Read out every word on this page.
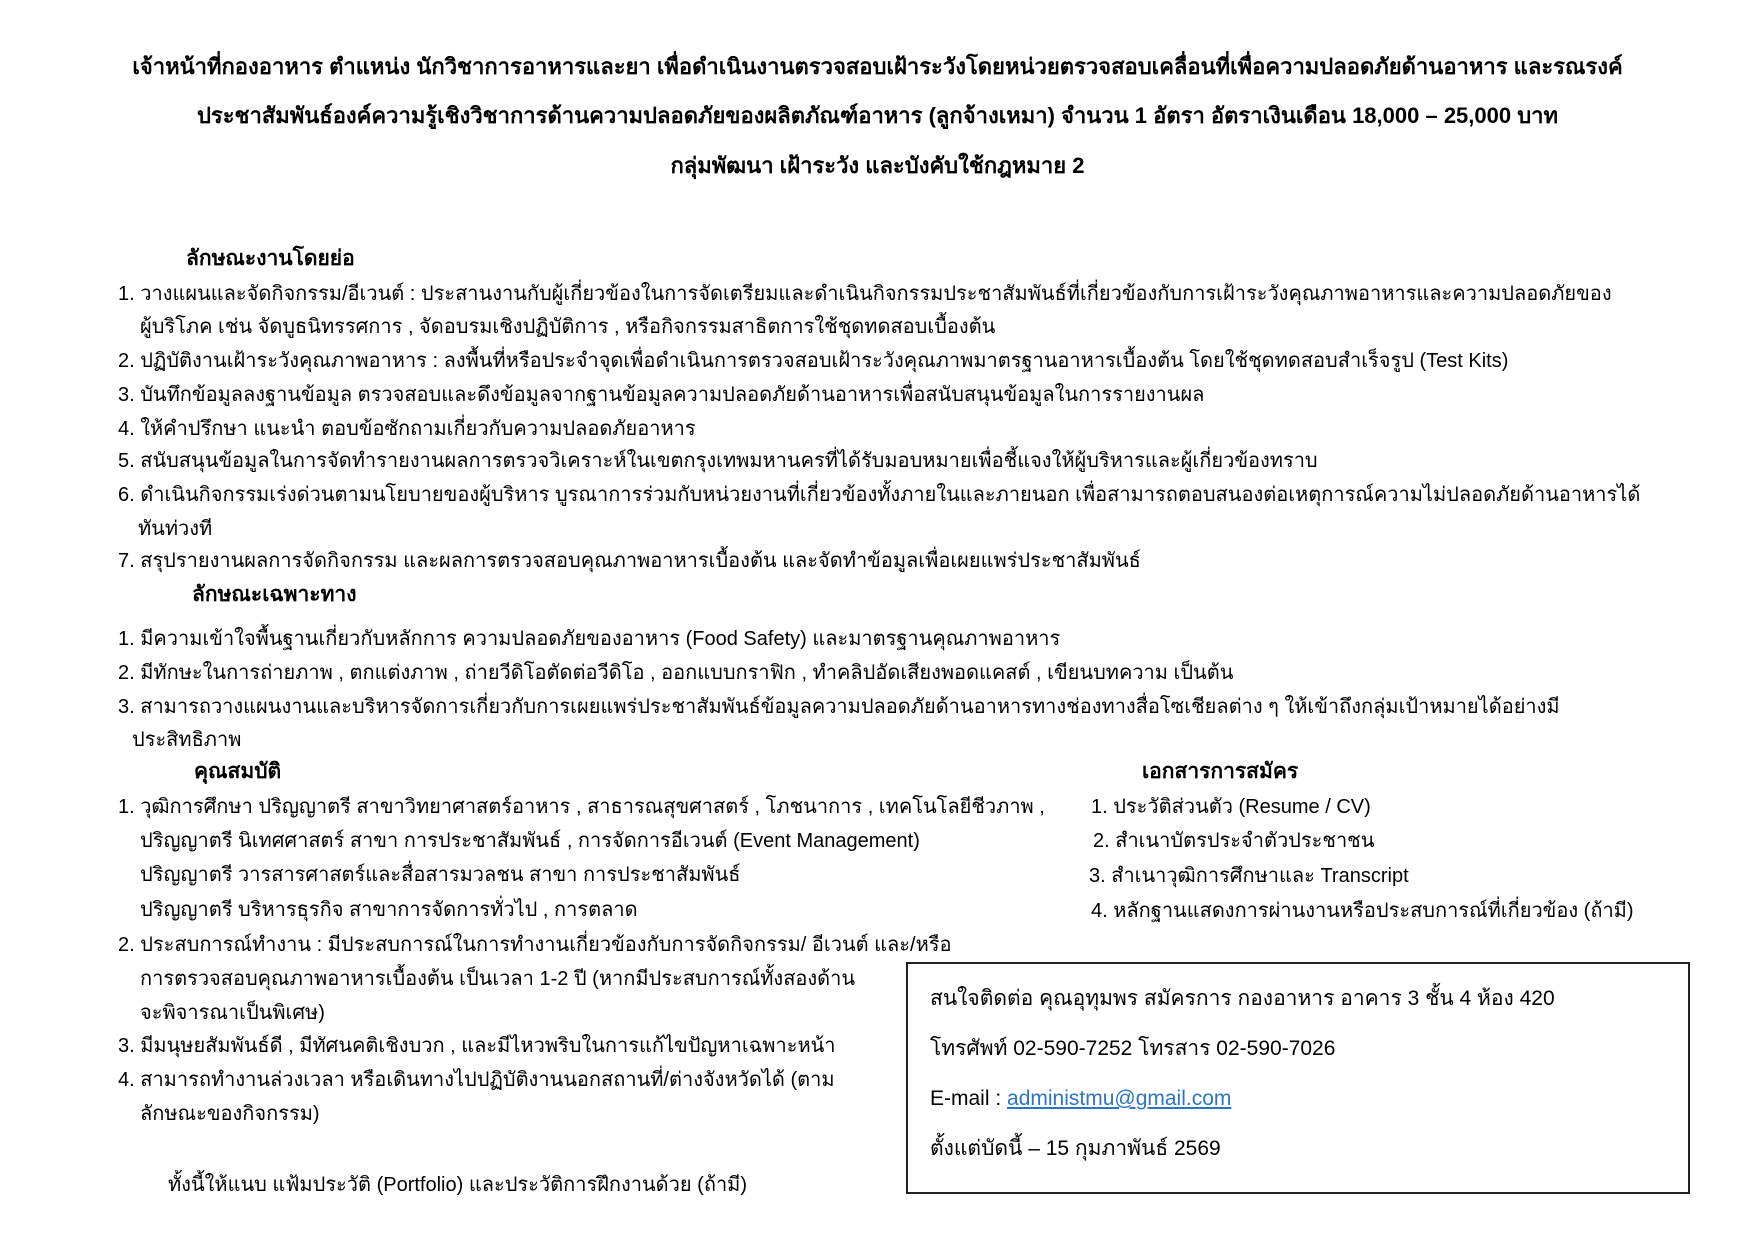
เจ้าหน้าที่กองอาหาร ตำแหน่ง นักวิชาการอาหารและยา เพื่อดำเนินงานตรวจสอบเฝ้าระวังโดยหน่วยตรวจสอบเคลื่อนที่เพื่อความปลอดภัยด้านอาหาร และรณรงค์
ประชาสัมพันธ์องค์ความรู้เชิงวิชาการด้านความปลอดภัยของผลิตภัณฑ์อาหาร (ลูกจ้างเหมา) จำนวน 1 อัตรา อัตราเงินเดือน 18,000 – 25,000 บาท
กลุ่มพัฒนา เฝ้าระวัง และบังคับใช้กฎหมาย 2
ลักษณะงานโดยย่อ
1. วางแผนและจัดกิจกรรม/อีเวนต์ : ประสานงานกับผู้เกี่ยวข้องในการจัดเตรียมและดำเนินกิจกรรมประชาสัมพันธ์ที่เกี่ยวข้องกับการเฝ้าระวังคุณภาพอาหารและความปลอดภัยของ
ผู้บริโภค เช่น จัดบูธนิทรรศการ , จัดอบรมเชิงปฏิบัติการ , หรือกิจกรรมสาธิตการใช้ชุดทดสอบเบื้องต้น
2. ปฏิบัติงานเฝ้าระวังคุณภาพอาหาร : ลงพื้นที่หรือประจำจุดเพื่อดำเนินการตรวจสอบเฝ้าระวังคุณภาพมาตรฐานอาหารเบื้องต้น โดยใช้ชุดทดสอบสำเร็จรูป (Test Kits)
3. บันทึกข้อมูลลงฐานข้อมูล ตรวจสอบและดึงข้อมูลจากฐานข้อมูลความปลอดภัยด้านอาหารเพื่อสนับสนุนข้อมูลในการรายงานผล
4. ให้คำปรึกษา แนะนำ ตอบข้อซักถามเกี่ยวกับความปลอดภัยอาหาร
5. สนับสนุนข้อมูลในการจัดทำรายงานผลการตรวจวิเคราะห์ในเขตกรุงเทพมหานครที่ได้รับมอบหมายเพื่อชี้แจงให้ผู้บริหารและผู้เกี่ยวข้องทราบ
6. ดำเนินกิจกรรมเร่งด่วนตามนโยบายของผู้บริหาร บูรณาการร่วมกับหน่วยงานที่เกี่ยวข้องทั้งภายในและภายนอก เพื่อสามารถตอบสนองต่อเหตุการณ์ความไม่ปลอดภัยด้านอาหารได้
ทันท่วงที
7. สรุปรายงานผลการจัดกิจกรรม และผลการตรวจสอบคุณภาพอาหารเบื้องต้น และจัดทำข้อมูลเพื่อเผยแพร่ประชาสัมพันธ์
ลักษณะเฉพาะทาง
1. มีความเข้าใจพื้นฐานเกี่ยวกับหลักการ ความปลอดภัยของอาหาร (Food Safety) และมาตรฐานคุณภาพอาหาร
2. มีทักษะในการถ่ายภาพ , ตกแต่งภาพ , ถ่ายวีดิโอตัดต่อวีดิโอ , ออกแบบกราฟิก , ทำคลิปอัดเสียงพอดแคสต์ , เขียนบทความ เป็นต้น
3. สามารถวางแผนงานและบริหารจัดการเกี่ยวกับการเผยแพร่ประชาสัมพันธ์ข้อมูลความปลอดภัยด้านอาหารทางช่องทางสื่อโซเชียลต่าง ๆ ให้เข้าถึงกลุ่มเป้าหมายได้อย่างมี
ประสิทธิภาพ
คุณสมบัติ
1. วุฒิการศึกษา ปริญญาตรี สาขาวิทยาศาสตร์อาหาร , สาธารณสุขศาสตร์ , โภชนาการ , เทคโนโลยีชีวภาพ ,
ปริญญาตรี นิเทศศาสตร์ สาขา การประชาสัมพันธ์ , การจัดการอีเวนต์ (Event Management)
ปริญญาตรี วารสารศาสตร์และสื่อสารมวลชน สาขา การประชาสัมพันธ์
ปริญญาตรี บริหารธุรกิจ สาขาการจัดการทั่วไป , การตลาด
2. ประสบการณ์ทำงาน : มีประสบการณ์ในการทำงานเกี่ยวข้องกับการจัดกิจกรรม/ อีเวนต์ และ/หรือ
การตรวจสอบคุณภาพอาหารเบื้องต้น เป็นเวลา 1-2 ปี (หากมีประสบการณ์ทั้งสองด้าน
จะพิจารณาเป็นพิเศษ)
3. มีมนุษยสัมพันธ์ดี , มีทัศนคติเชิงบวก , และมีไหวพริบในการแก้ไขปัญหาเฉพาะหน้า
4. สามารถทำงานล่วงเวลา หรือเดินทางไปปฏิบัติงานนอกสถานที่/ต่างจังหวัดได้ (ตาม
ลักษณะของกิจกรรม)
ทั้งนี้ให้แนบ แฟ้มประวัติ (Portfolio) และประวัติการฝึกงานด้วย (ถ้ามี)
เอกสารการสมัคร
1. ประวัติส่วนตัว (Resume / CV)
2. สำเนาบัตรประจำตัวประชาชน
3. สำเนาวุฒิการศึกษาและ Transcript
4. หลักฐานแสดงการผ่านงานหรือประสบการณ์ที่เกี่ยวข้อง (ถ้ามี)
สนใจติดต่อ คุณอุทุมพร สมัครการ กองอาหาร อาคาร 3 ชั้น 4 ห้อง 420
โทรศัพท์ 02-590-7252 โทรสาร 02-590-7026
E-mail : administmu@gmail.com
ตั้งแต่บัดนี้ – 15 กุมภาพันธ์ 2569
